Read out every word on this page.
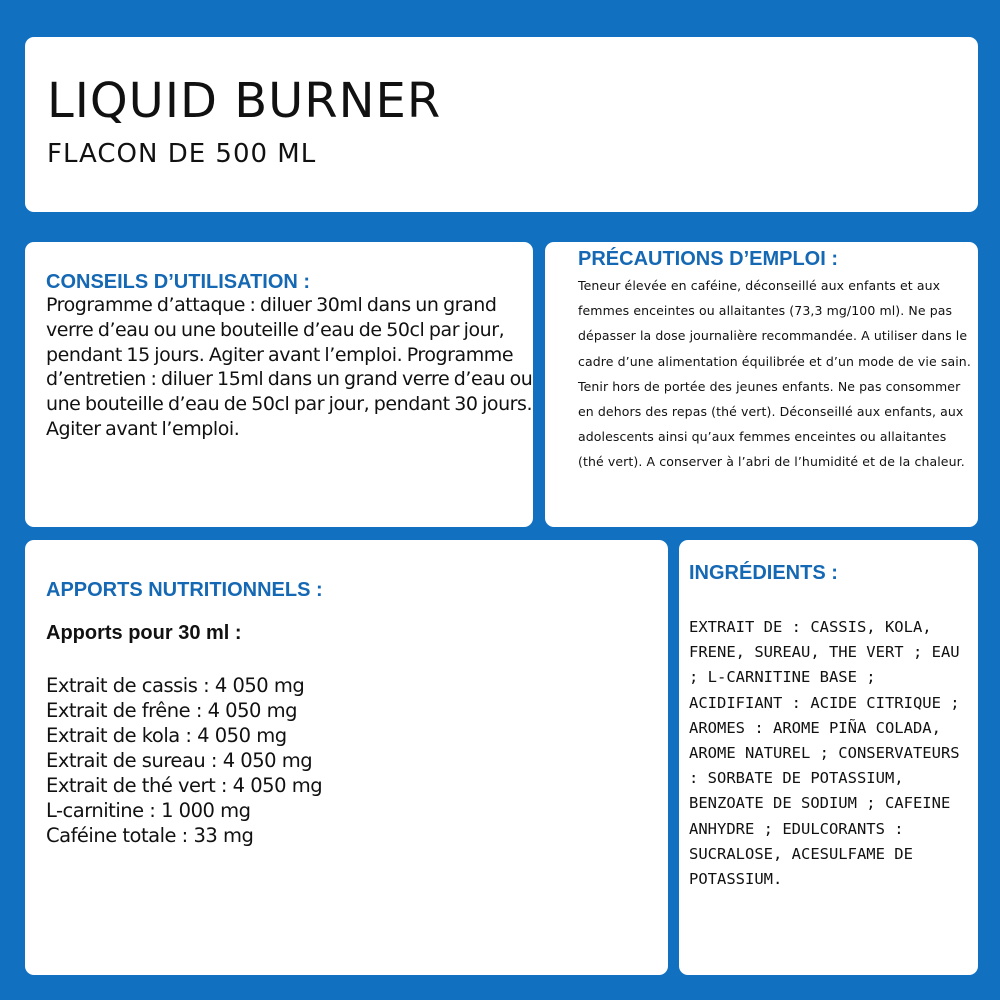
LIQUID BURNER
FLACON DE 500 ML
CONSEILS D’UTILISATION :
Programme d’attaque : diluer 30ml dans un grand verre d’eau ou une bouteille d’eau de 50cl par jour, pendant 15 jours. Agiter avant l’emploi. Programme d’entretien : diluer 15ml dans un grand verre d’eau ou une bouteille d’eau de 50cl par jour, pendant 30 jours. Agiter avant l’emploi.
PRÉCAUTIONS D’EMPLOI :
Teneur élevée en caféine, déconseillé aux enfants et aux femmes enceintes ou allaitantes (73,3 mg/100 ml). Ne pas dépasser la dose journalière recommandée. A utiliser dans le cadre d’une alimentation équilibrée et d’un mode de vie sain. Tenir hors de portée des jeunes enfants. Ne pas consommer en dehors des repas (thé vert). Déconseillé aux enfants, aux adolescents ainsi qu’aux femmes enceintes ou allaitantes (thé vert). A conserver à l’abri de l’humidité et de la chaleur.
APPORTS NUTRITIONNELS :
Apports pour 30 ml :
Extrait de cassis : 4 050 mg
Extrait de frêne : 4 050 mg
Extrait de kola : 4 050 mg
Extrait de sureau : 4 050 mg
Extrait de thé vert : 4 050 mg
L-carnitine : 1 000 mg
Caféine totale : 33 mg
INGRÉDIENTS :
EXTRAIT DE : CASSIS, KOLA, FRENE, SUREAU, THE VERT ; EAU ; L-CARNITINE BASE ; ACIDIFIANT : ACIDE CITRIQUE ; AROMES : AROME PIÑA COLADA, AROME NATUREL ; CONSERVATEURS : SORBATE DE POTASSIUM, BENZOATE DE SODIUM ; CAFEINE ANHYDRE ; EDULCORANTS : SUCRALOSE, ACESULFAME DE POTASSIUM.
